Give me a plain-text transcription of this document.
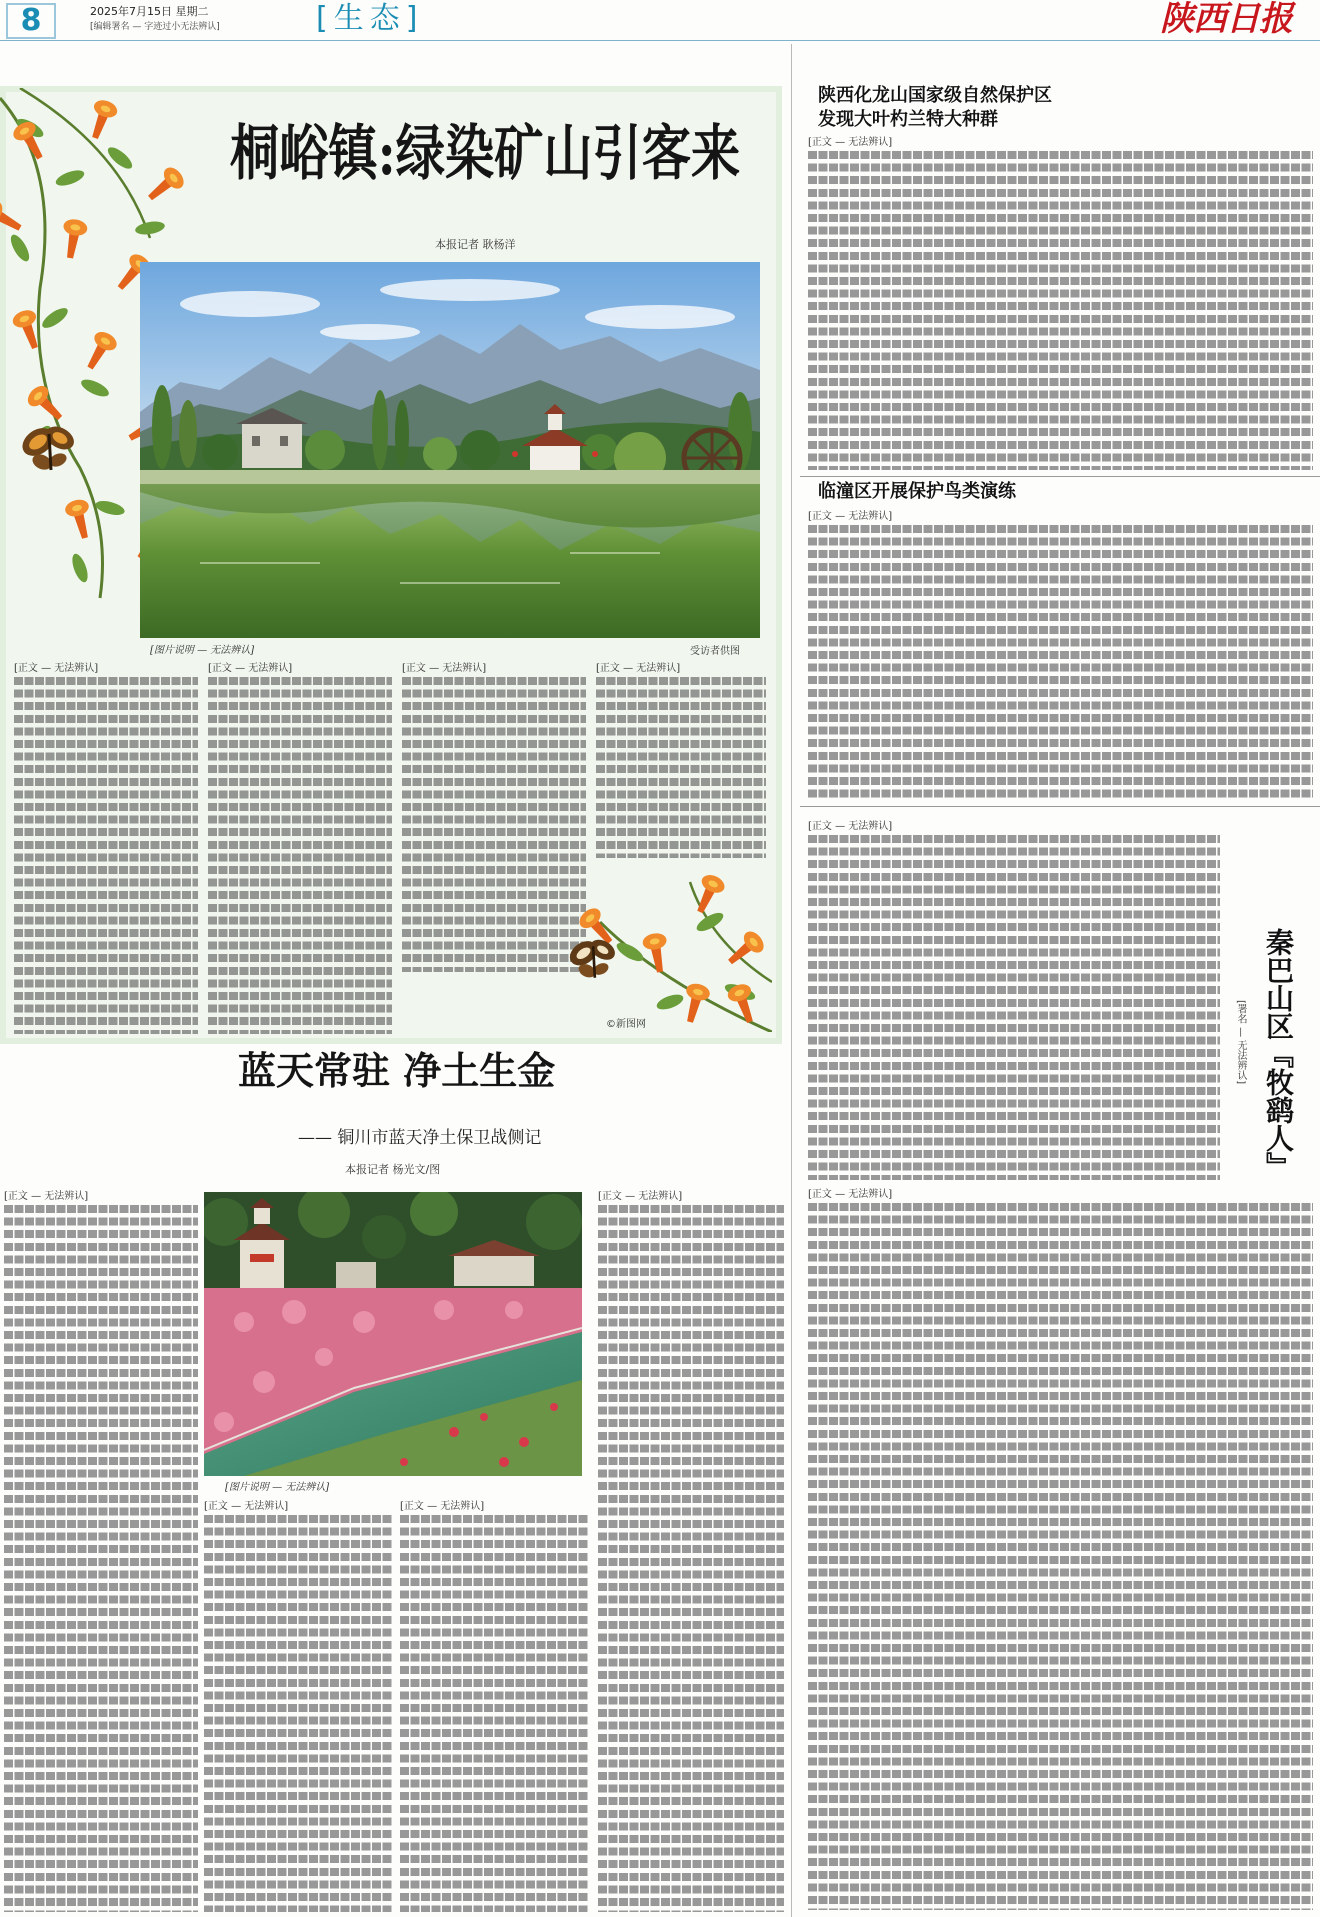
8	2025年7月15日 星期二
[编辑署名 — 字迹过小无法辨认]	[生态]	陕西日报
桐峪镇:绿染矿山引客来
本报记者 耿杨洋
[图片说明 — 无法辨认]	受访者供图
[正文 — 无法辨认]	[正文 — 无法辨认]	[正文 — 无法辨认]	[正文 — 无法辨认]
©新图网
陕西化龙山国家级自然保护区
发现大叶杓兰特大种群
[正文 — 无法辨认]
临潼区开展保护鸟类演练
[正文 — 无法辨认]
[正文 — 无法辨认]
秦巴山区『牧鹞人』
[署名 — 无法辨认]
[正文 — 无法辨认]
蓝天常驻 净土生金
—— 铜川市蓝天净土保卫战侧记
本报记者 杨光文/图
[正文 — 无法辨认]
[图片说明 — 无法辨认]
[正文 — 无法辨认]	[正文 — 无法辨认]
[正文 — 无法辨认]
